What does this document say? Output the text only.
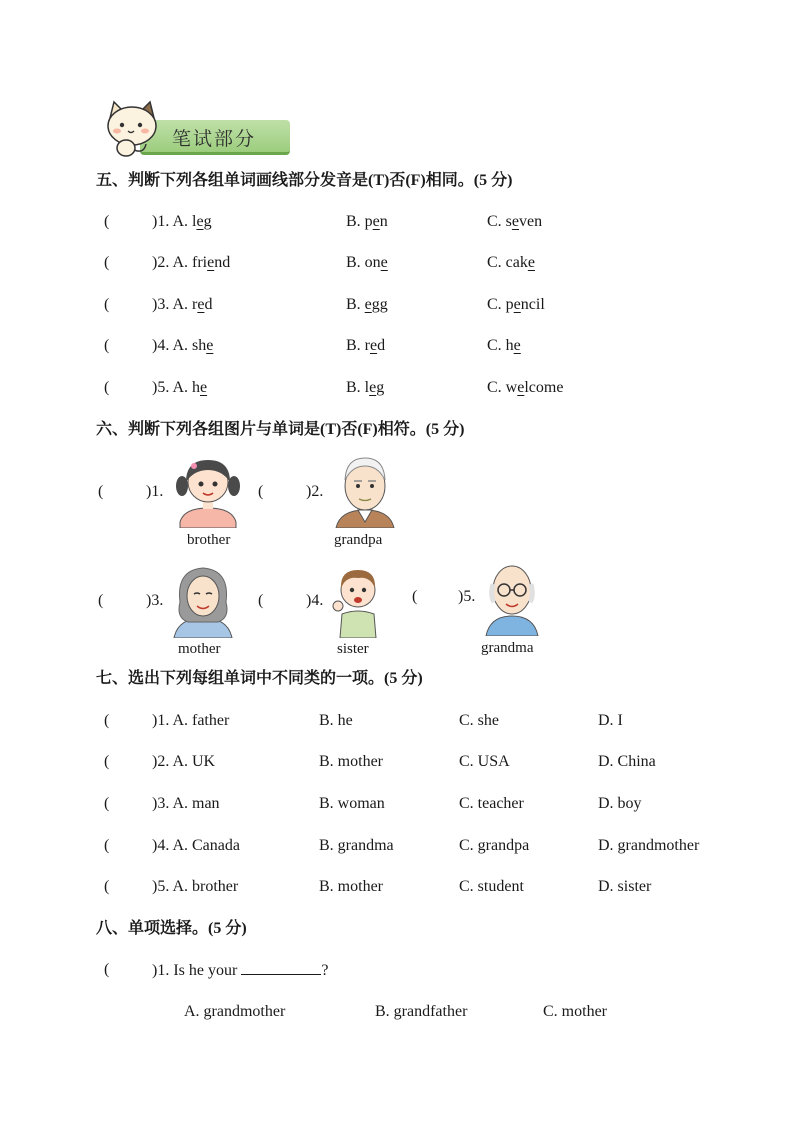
笔试部分
五、判断下列各组单词画线部分发音是(T)否(F)相同。(5 分)
(	)1. A. leg	B. pen	C. seven
(	)2. A. friend	B. one	C. cake
(	)3. A. red	B. egg	C. pencil
(	)4. A. she	B. red	C. he
(	)5. A. he	B. leg	C. welcome
六、判断下列各组图片与单词是(T)否(F)相符。(5 分)
(	)1.
brother
(	)2.
grandpa
(	)3.
mother
(	)4.
sister
(	)5.
grandma
七、选出下列每组单词中不同类的一项。(5 分)
(	)1. A. father	B. he	C. she	D. I
(	)2. A. UK	B. mother	C. USA	D. China
(	)3. A. man	B. woman	C. teacher	D. boy
(	)4. A. Canada	B. grandma	C. grandpa	D. grandmother
(	)5. A. brother	B. mother	C. student	D. sister
八、单项选择。(5 分)
(	)1. Is he your	?
A. grandmother	B. grandfather	C. mother
